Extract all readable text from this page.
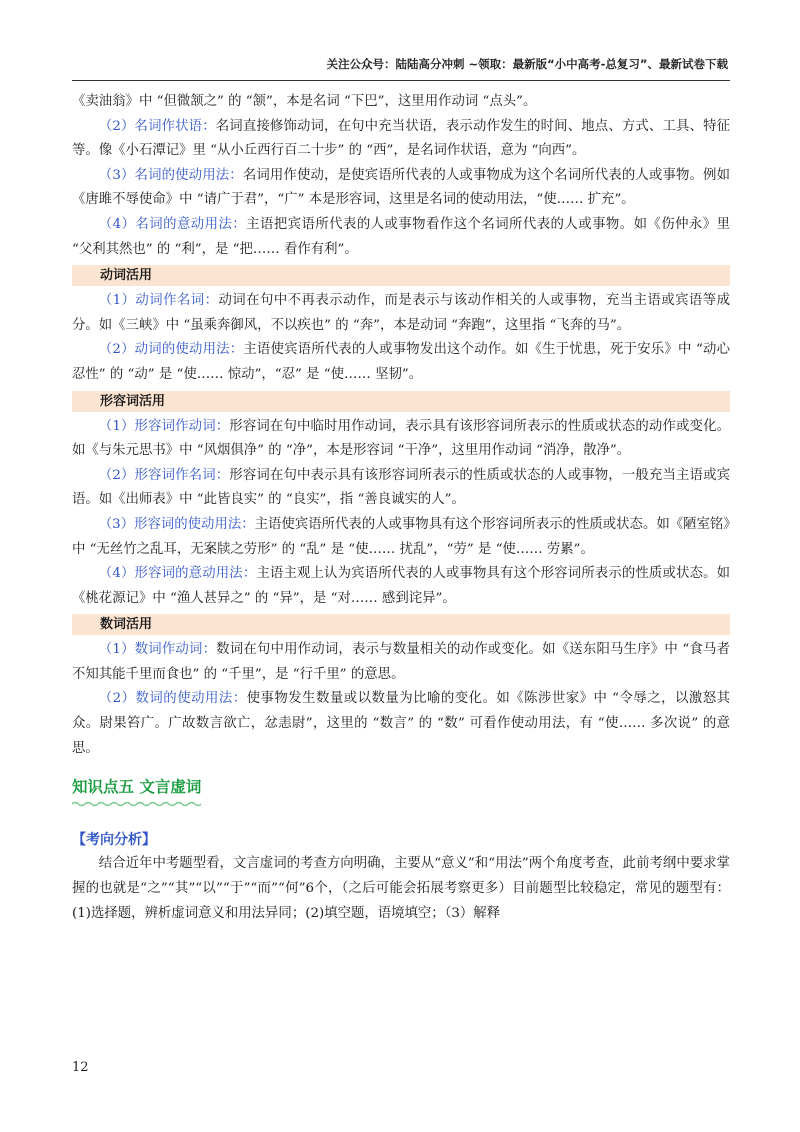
关注公众号：陆陆高分冲刺 ~领取：最新版“小中高考-总复习”、最新试卷下载

《卖油翁》中 “但微颔之” 的 “颔”，本是名词 “下巴”，这里用作动词 “点头”。

（2）名词作状语：名词直接修饰动词，在句中充当状语，表示动作发生的时间、地点、方式、工具、特征等。像《小石潭记》里 “从小丘西行百二十步” 的 “西”，是名词作状语，意为 “向西”。

（3）名词的使动用法：名词用作使动，是使宾语所代表的人或事物成为这个名词所代表的人或事物。例如《唐雎不辱使命》中 “请广于君”，“广” 本是形容词，这里是名词的使动用法，“使…… 扩充”。

（4）名词的意动用法：主语把宾语所代表的人或事物看作这个名词所代表的人或事物。如《伤仲永》里 “父利其然也” 的 “利”，是 “把…… 看作有利”。

动词活用

（1）动词作名词：动词在句中不再表示动作，而是表示与该动作相关的人或事物，充当主语或宾语等成分。如《三峡》中 “虽乘奔御风，不以疾也” 的 “奔”，本是动词 “奔跑”，这里指 “飞奔的马”。

（2）动词的使动用法：主语使宾语所代表的人或事物发出这个动作。如《生于忧患，死于安乐》中 “动心忍性” 的 “动” 是 “使…… 惊动”，“忍” 是 “使…… 坚韧”。

形容词活用

（1）形容词作动词：形容词在句中临时用作动词，表示具有该形容词所表示的性质或状态的动作或变化。如《与朱元思书》中 “风烟俱净” 的 “净”，本是形容词 “干净”，这里用作动词 “消净，散净”。

（2）形容词作名词：形容词在句中表示具有该形容词所表示的性质或状态的人或事物，一般充当主语或宾语。如《出师表》中 “此皆良实” 的 “良实”，指 “善良诚实的人”。

（3）形容词的使动用法：主语使宾语所代表的人或事物具有这个形容词所表示的性质或状态。如《陋室铭》中 “无丝竹之乱耳，无案牍之劳形” 的 “乱” 是 “使…… 扰乱”，“劳” 是 “使…… 劳累”。

（4）形容词的意动用法：主语主观上认为宾语所代表的人或事物具有这个形容词所表示的性质或状态。如《桃花源记》中 “渔人甚异之” 的 “异”，是 “对…… 感到诧异”。

数词活用

（1）数词作动词：数词在句中用作动词，表示与数量相关的动作或变化。如《送东阳马生序》中 “食马者不知其能千里而食也” 的 “千里”，是 “行千里” 的意思。

（2）数词的使动用法：使事物发生数量或以数量为比喻的变化。如《陈涉世家》中 “令辱之，以激怒其众。尉果笞广。广故数言欲亡，忿恚尉”，这里的 “数言” 的 “数” 可看作使动用法，有 “使…… 多次说” 的意思。

知识点五 文言虚词
【考向分析】

结合近年中考题型看，文言虚词的考查方向明确，主要从“意义”和“用法”两个角度考查，此前考纲中要求掌握的也就是“之”“其”“以”“于”“而”“何”6个，（之后可能会拓展考察更多）目前题型比较稳定，常见的题型有：(1)选择题，辨析虚词意义和用法异同；(2)填空题，语境填空；（3）解释

12
